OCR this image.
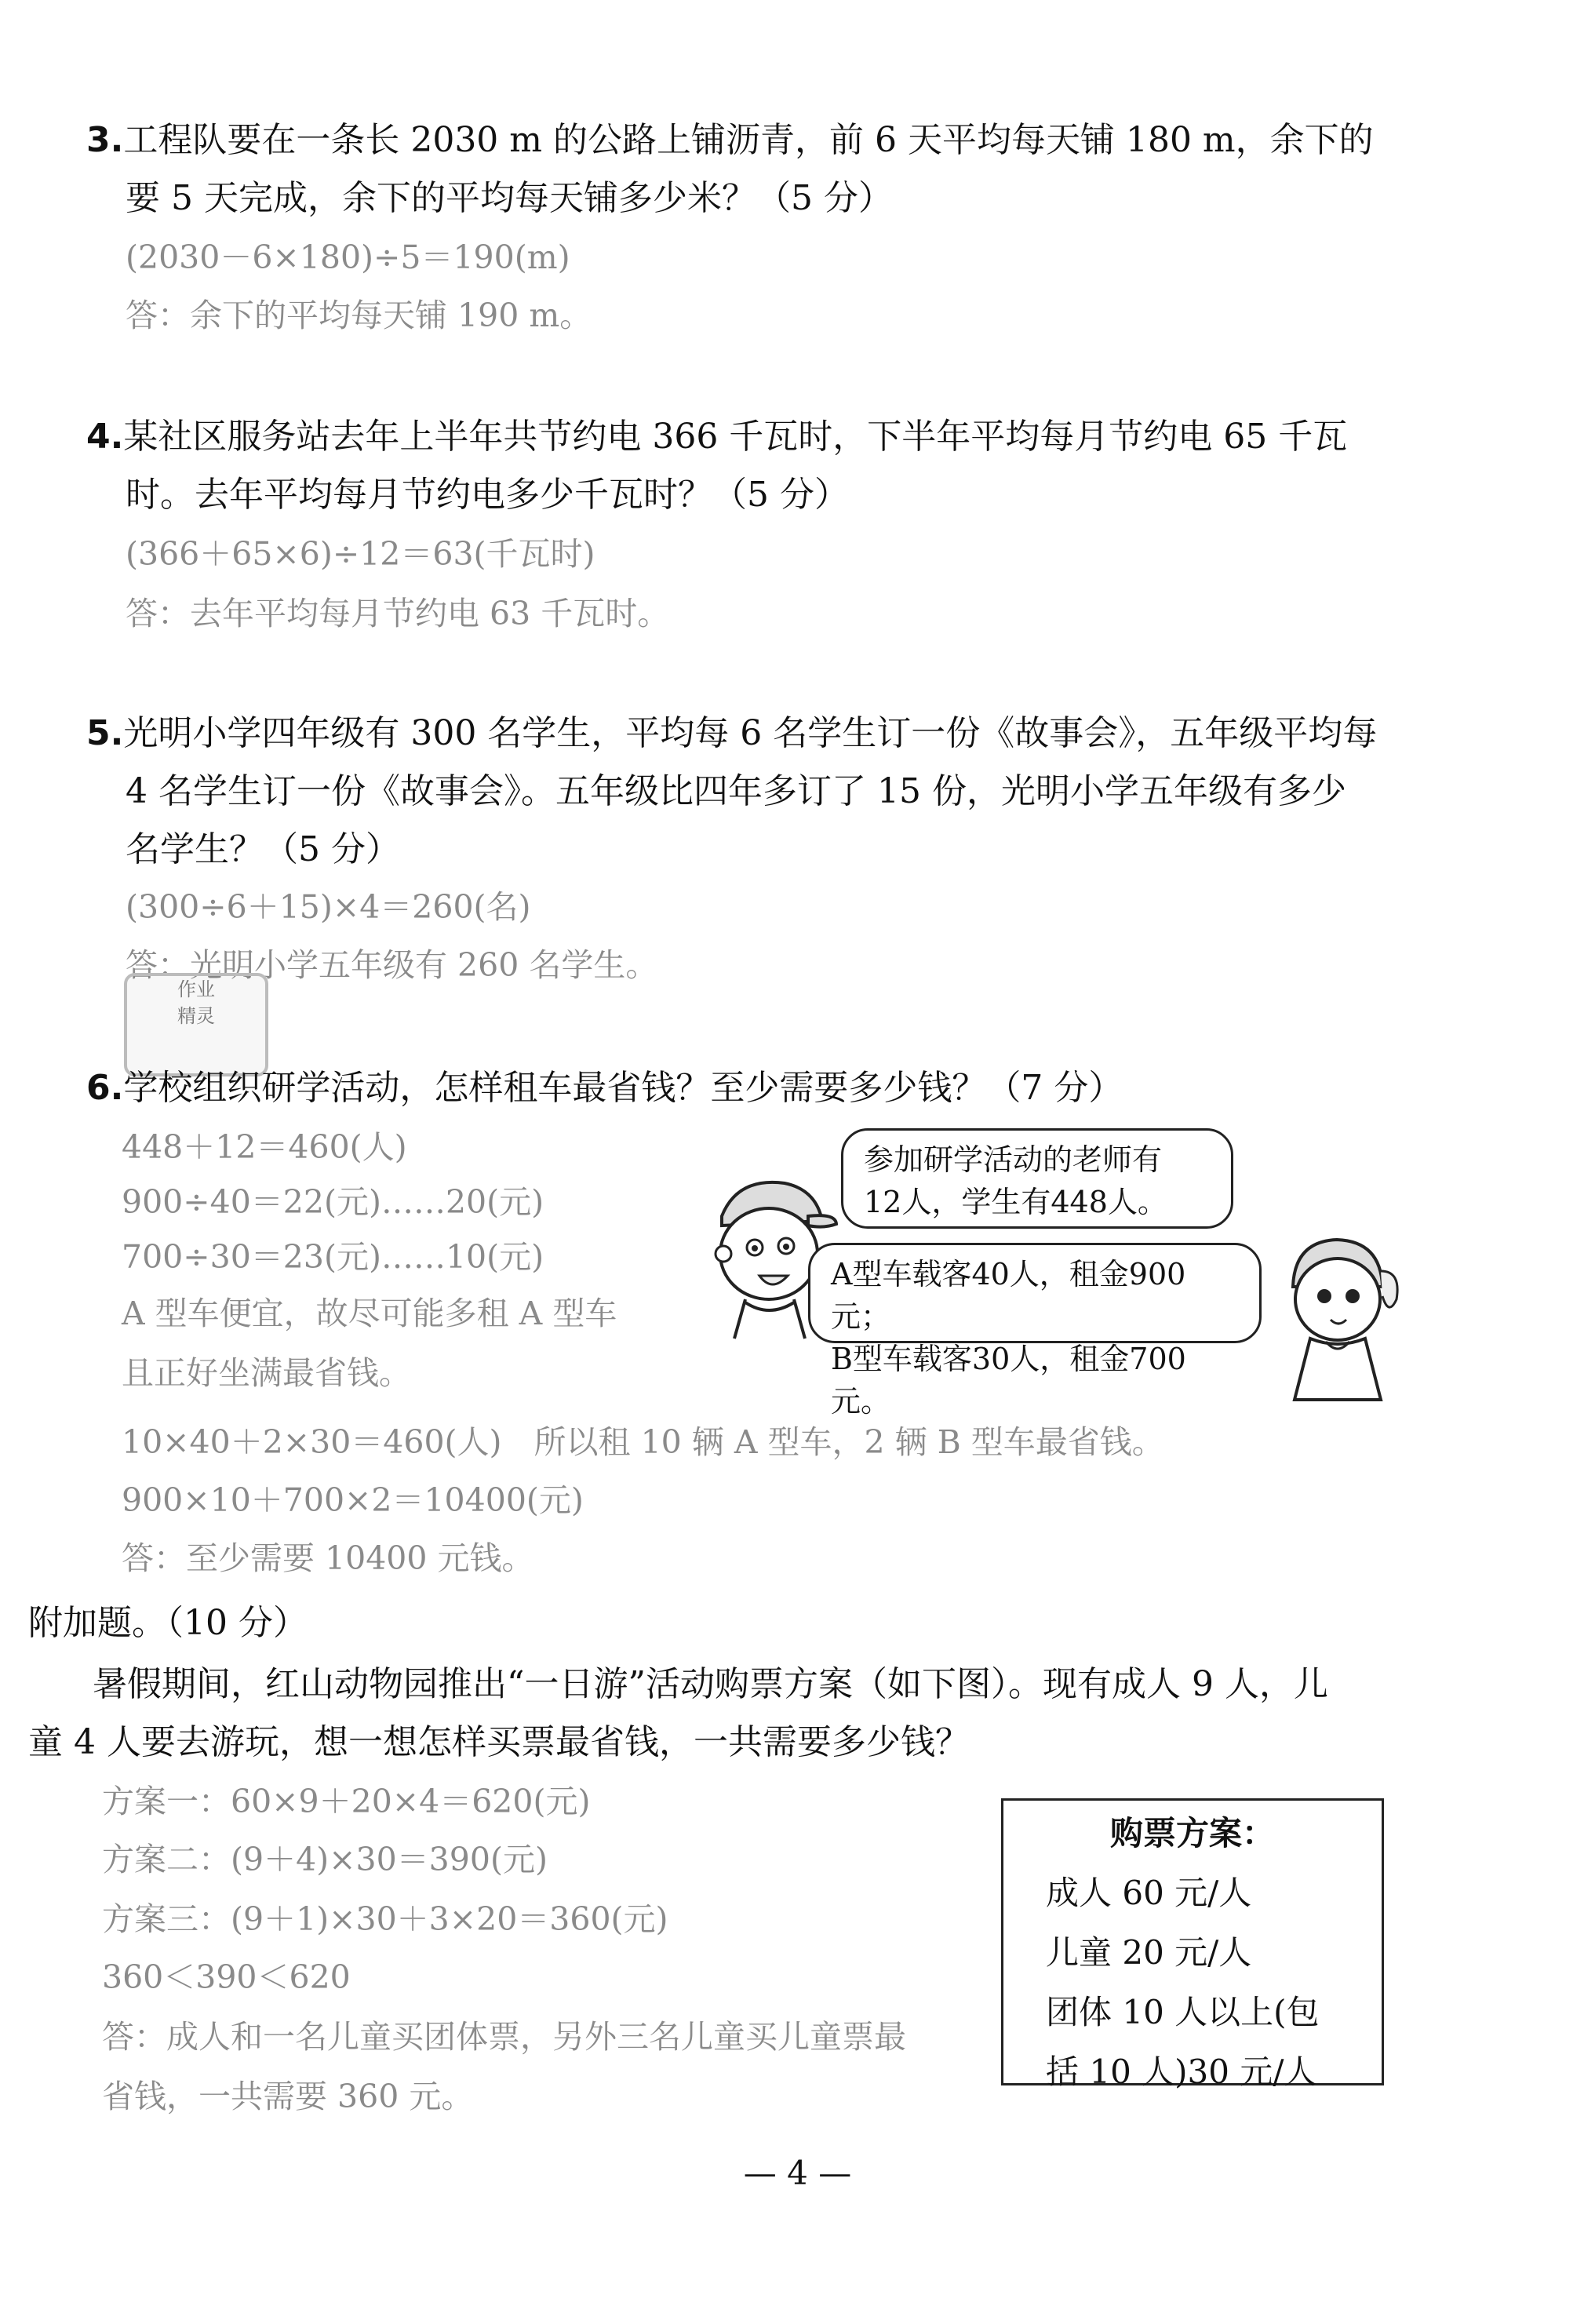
3.工程队要在一条长 2030 m 的公路上铺沥青，前 6 天平均每天铺 180 m，余下的
要 5 天完成，余下的平均每天铺多少米？（5 分）
(2030－6×180)÷5＝190(m)
答：余下的平均每天铺 190 m。
4.某社区服务站去年上半年共节约电 366 千瓦时，下半年平均每月节约电 65 千瓦
时。去年平均每月节约电多少千瓦时？（5 分）
(366＋65×6)÷12＝63(千瓦时)
答：去年平均每月节约电 63 千瓦时。
5.光明小学四年级有 300 名学生，平均每 6 名学生订一份《故事会》，五年级平均每
4 名学生订一份《故事会》。五年级比四年多订了 15 份，光明小学五年级有多少
名学生？（5 分）
(300÷6＋15)×4＝260(名)
答：光明小学五年级有 260 名学生。
作业
精灵
6.学校组织研学活动，怎样租车最省钱？至少需要多少钱？（7 分）
448＋12＝460(人)
900÷40＝22(元)……20(元)
700÷30＝23(元)……10(元)
A 型车便宜，故尽可能多租 A 型车
且正好坐满最省钱。
10×40＋2×30＝460(人)　所以租 10 辆 A 型车，2 辆 B 型车最省钱。
900×10＋700×2＝10400(元)
答：至少需要 10400 元钱。
参加研学活动的老师有
12人，学生有448人。
A型车载客40人，租金900元；
B型车载客30人，租金700元。
附加题。（10 分）
暑假期间，红山动物园推出“一日游”活动购票方案（如下图）。现有成人 9 人，儿
童 4 人要去游玩，想一想怎样买票最省钱，一共需要多少钱？
方案一：60×9＋20×4＝620(元)
方案二：(9＋4)×30＝390(元)
方案三：(9＋1)×30＋3×20＝360(元)
360＜390＜620
答：成人和一名儿童买团体票，另外三名儿童买儿童票最
省钱，一共需要 360 元。
购票方案：
成人 60 元/人
儿童 20 元/人
团体 10 人以上(包
括 10 人)30 元/人
— 4 —
